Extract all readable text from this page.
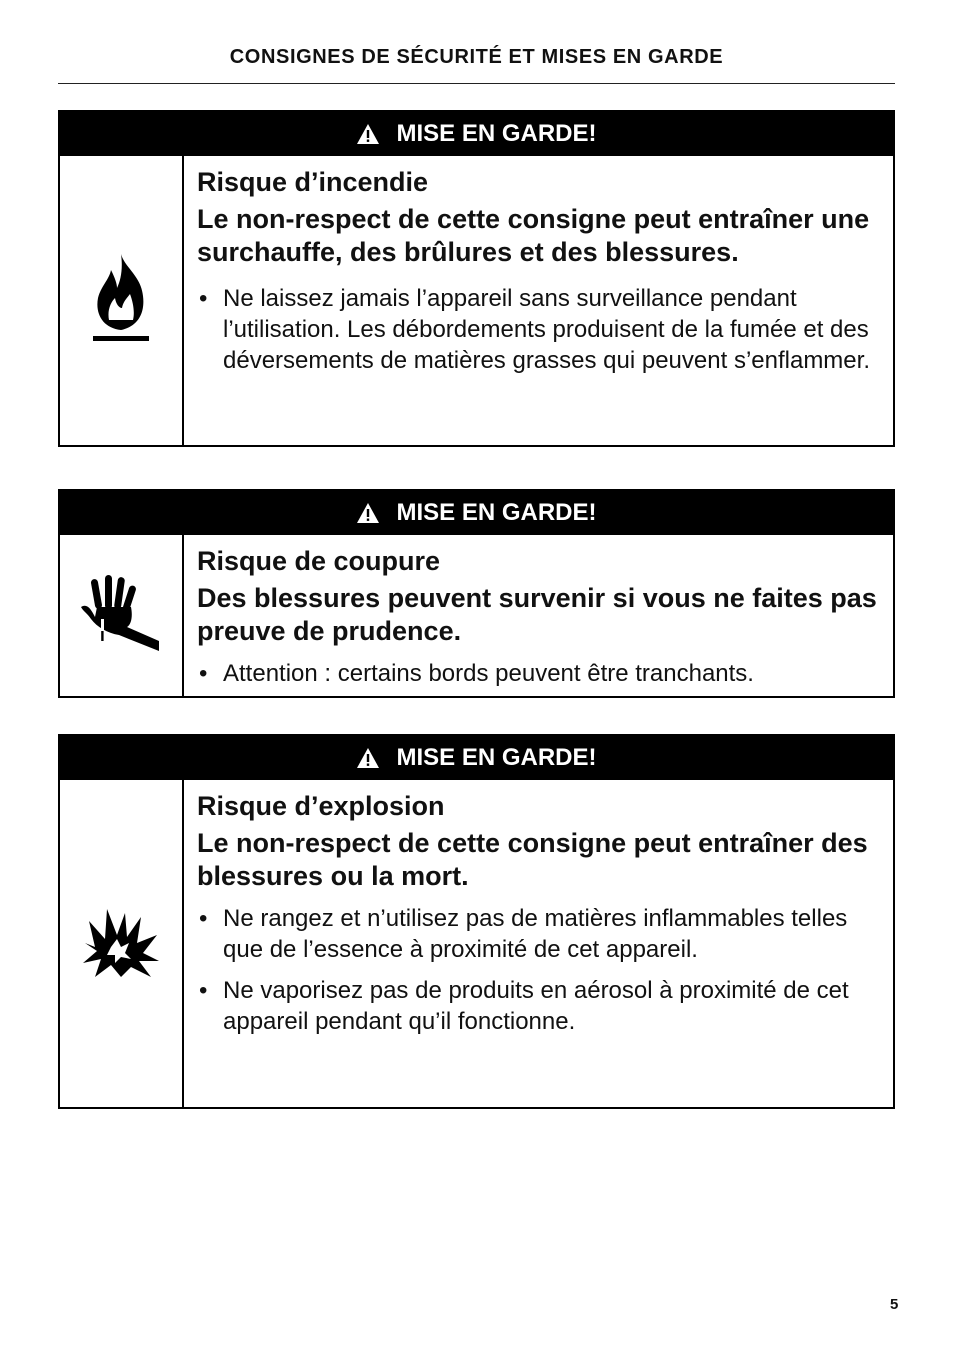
CONSIGNES DE SÉCURITÉ ET MISES EN GARDE
MISE EN GARDE!
Risque d’incendie
Le non-respect de cette consigne peut entraîner une surchauffe, des brûlures et des blessures.
• Ne laissez jamais l’appareil sans surveillance pendant l’utilisation. Les débordements produisent de la fumée et des déversements de matières grasses qui peuvent s’enflammer.
MISE EN GARDE!
Risque de coupure
Des blessures peuvent survenir si vous ne faites pas preuve de prudence.
• Attention : certains bords peuvent être tranchants.
MISE EN GARDE!
Risque d’explosion
Le non-respect de cette consigne peut entraîner des blessures ou la mort.
• Ne rangez et n’utilisez pas de matières inflammables telles que de l’essence à proximité de cet appareil.
• Ne vaporisez pas de produits en aérosol à proximité de cet appareil pendant qu’il fonctionne.
5
